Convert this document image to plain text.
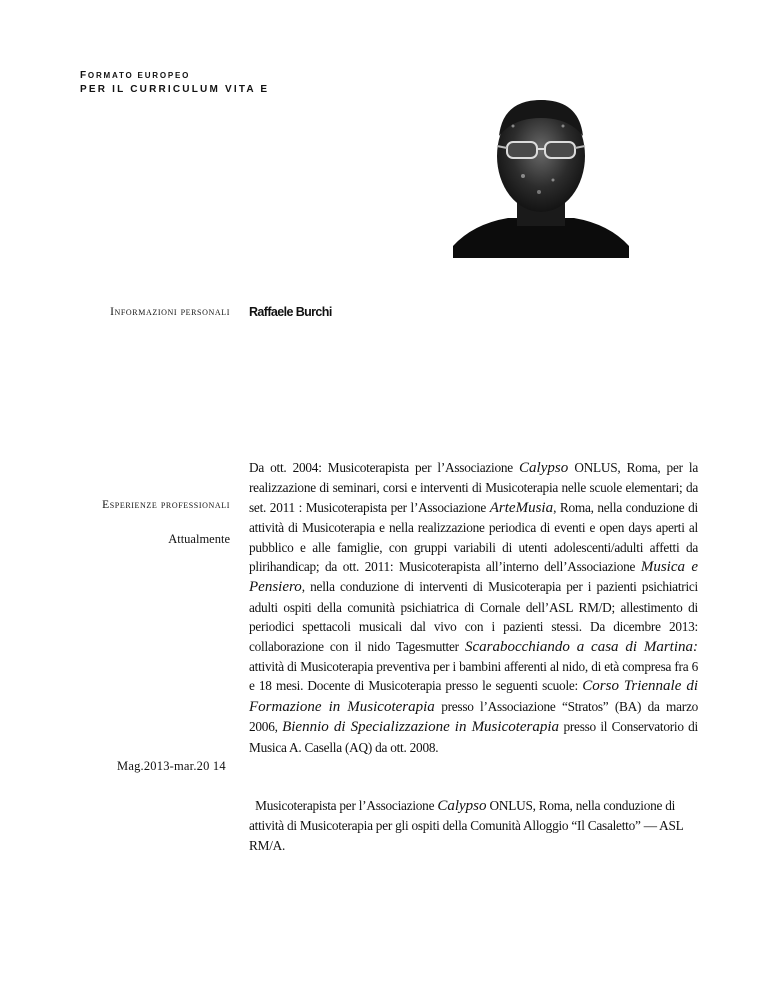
FORMATO EUROPEO
PER IL CURRICULUM VITA E
Informazioni personali Raffaele Burchi
Esperienze professionali
Attualmente
Da ott. 2004: Musicoterapista per l’Associazione Calypso ONLUS, Roma, per la realizzazione di seminari, corsi e interventi di Musicoterapia nelle scuole elementari; da set. 2011 : Musicoterapista per l’Associazione ArteMusia, Roma, nella conduzione di attività di Musicoterapia e nella realizzazione periodica di eventi e open days aperti al pubblico e alle famiglie, con gruppi variabili di utenti adolescenti/adulti affetti da plirihandicap; da ott. 2011: Musicoterapista all’interno dell’Associazione Musica e Pensiero, nella conduzione di interventi di Musicoterapia per i pazienti psichiatrici adulti ospiti della comunità psichiatrica di Cornale dell’ASL RM/D; allestimento di periodici spettacoli musicali dal vivo con i pazienti stessi. Da dicembre 2013: collaborazione con il nido Tagesmutter Scarabocchiando a casa di Martina: attività di Musicoterapia preventiva per i bambini afferenti al nido, di età compresa fra 6 e 18 mesi. Docente di Musicoterapia presso le seguenti scuole: Corso Triennale di Formazione in Musicoterapia presso l’Associazione “Stratos” (BA) da marzo 2006, Biennio di Specializzazione in Musicoterapia presso il Conservatorio di Musica A. Casella (AQ) da ott. 2008.
Mag.2013-mar.20 14
Musicoterapista per l’Associazione Calypso ONLUS, Roma, nella conduzione di attività di Musicoterapia per gli ospiti della Comunità Alloggio “Il Casaletto” — ASL RM/A.
